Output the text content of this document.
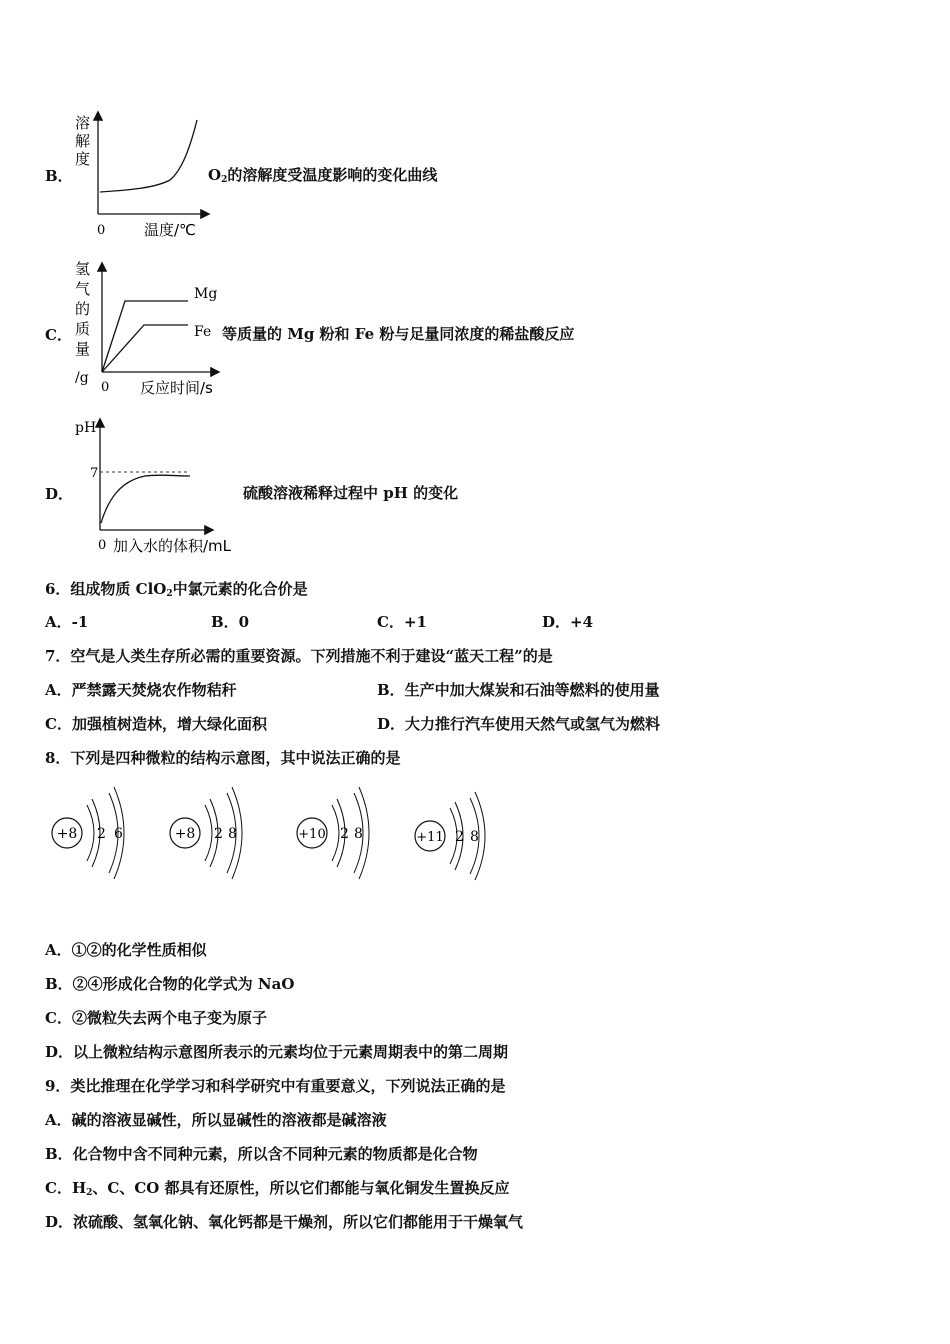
B．
溶
解
度
0	温度/℃
$O_2$的溶解度受温度影响的变化曲线
C．
Mg
Fe
氢
气
的
质
量
/g
0 反应时间/s
等质量的 Mg 粉和 Fe 粉与足量同浓度的稀盐酸反应
D．
pH
7
0 加入水的体积/mL
硫酸溶液稀释过程中 pH 的变化
6．组成物质 ClO$_2$中氯元素的化合价是
A．-1	B．0	C．+1	D．+4
7．空气是人类生存所必需的重要资源。下列措施不利于建设“蓝天工程”的是
A．严禁露天焚烧农作物秸秆	B．生产中加大煤炭和石油等燃料的使用量
C．加强植树造林，增大绿化面积	D．大力推行汽车使用天然气或氢气为燃料
8．下列是四种微粒的结构示意图，其中说法正确的是
+8 2 6	+8 2 8	+10 2 8	+11 2 8
A．①②的化学性质相似
B．②④形成化合物的化学式为 NaO
C．②微粒失去两个电子变为原子
D．以上微粒结构示意图所表示的元素均位于元素周期表中的第二周期
9．类比推理在化学学习和科学研究中有重要意义，下列说法正确的是
A．碱的溶液显碱性，所以显碱性的溶液都是碱溶液
B．化合物中含不同种元素，所以含不同种元素的物质都是化合物
C．$H_2$、C、CO 都具有还原性，所以它们都能与氧化铜发生置换反应
D．浓硫酸、氢氧化钠、氧化钙都是干燥剂，所以它们都能用于干燥氧气
